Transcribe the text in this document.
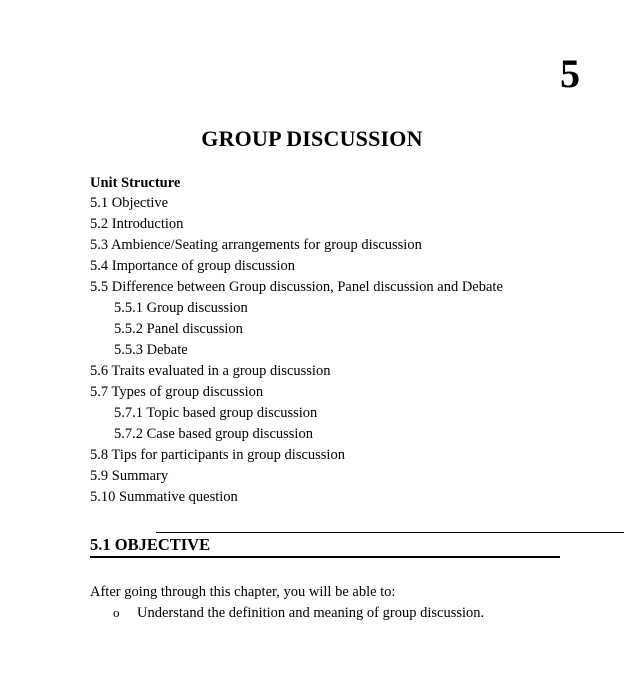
5
GROUP DISCUSSION
Unit Structure
5.1 Objective
5.2 Introduction
5.3 Ambience/Seating arrangements for group discussion
5.4 Importance of group discussion
5.5 Difference between Group discussion, Panel discussion and Debate
5.5.1 Group discussion
5.5.2 Panel discussion
5.5.3 Debate
5.6 Traits evaluated in a group discussion
5.7 Types of group discussion
5.7.1 Topic based group discussion
5.7.2 Case based group discussion
5.8 Tips for participants in group discussion
5.9 Summary
5.10 Summative question
5.1 OBJECTIVE
After going through this chapter, you will be able to:
o Understand the definition and meaning of group discussion.
